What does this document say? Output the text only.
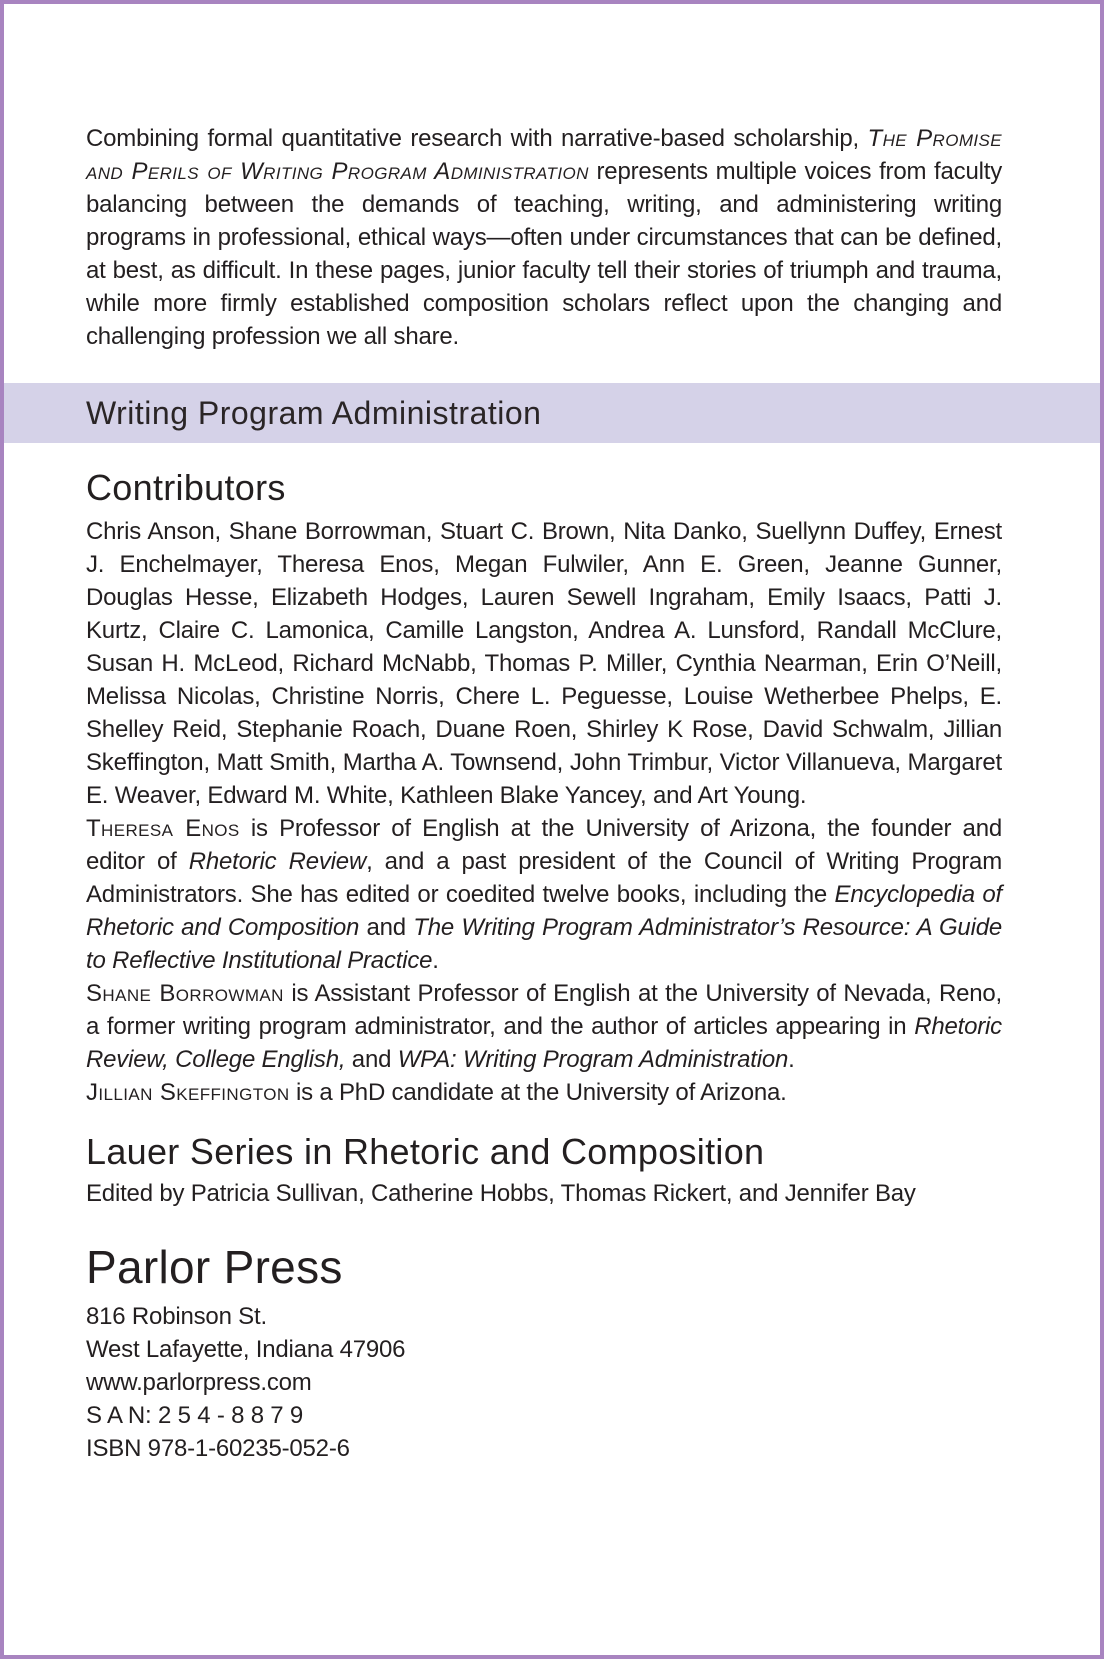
Combining formal quantitative research with narrative-based scholarship, The Promise and Perils of Writing Program Administration represents multiple voices from faculty balancing between the demands of teaching, writing, and administering writing programs in professional, ethical ways—often under circumstances that can be defined, at best, as difficult. In these pages, junior faculty tell their stories of triumph and trauma, while more firmly established composition scholars reflect upon the changing and challenging profession we all share.

Writing Program Administration
Contributors

Chris Anson, Shane Borrowman, Stuart C. Brown, Nita Danko, Suellynn Duffey, Ernest J. Enchelmayer, Theresa Enos, Megan Fulwiler, Ann E. Green, Jeanne Gunner, Douglas Hesse, Elizabeth Hodges, Lauren Sewell Ingraham, Emily Isaacs, Patti J. Kurtz, Claire C. Lamonica, Camille Langston, Andrea A. Lunsford, Randall McClure, Susan H. McLeod, Richard McNabb, Thomas P. Miller, Cynthia Nearman, Erin O’Neill, Melissa Nicolas, Christine Norris, Chere L. Peguesse, Louise Wetherbee Phelps, E. Shelley Reid, Stephanie Roach, Duane Roen, Shirley K Rose, David Schwalm, Jillian Skeffington, Matt Smith, Martha A. Townsend, John Trimbur, Victor Villanueva, Margaret E. Weaver, Edward M. White, Kathleen Blake Yancey, and Art Young.

Theresa Enos is Professor of English at the University of Arizona, the founder and editor of Rhetoric Review, and a past president of the Council of Writing Program Administrators. She has edited or coedited twelve books, including the Encyclopedia of Rhetoric and Composition and The Writing Program Administrator’s Resource: A Guide to Reflective Institutional Practice.

Shane Borrowman is Assistant Professor of English at the University of Nevada, Reno, a former writing program administrator, and the author of articles appearing in Rhetoric Review, College English, and WPA: Writing Program Administration.

Jillian Skeffington is a PhD candidate at the University of Arizona.

Lauer Series in Rhetoric and Composition

Edited by Patricia Sullivan, Catherine Hobbs, Thomas Rickert, and Jennifer Bay

Parlor Press
816 Robinson St.
West Lafayette, Indiana 47906
www.parlorpress.com
S A N: 2 5 4 - 8 8 7 9
ISBN 978-1-60235-052-6
